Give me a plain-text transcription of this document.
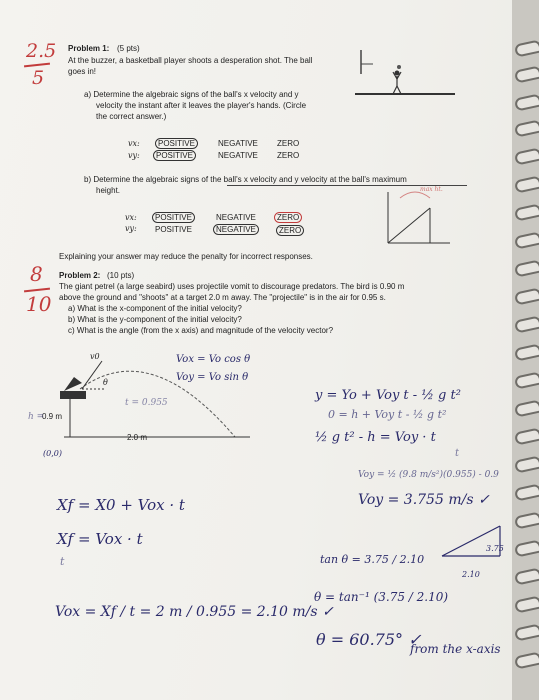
2.5
5
Problem 1: (5 pts)
At the buzzer, a basketball player shoots a desperation shot. The ball
goes in!
a) Determine the algebraic signs of the ball's x velocity and y
velocity the instant after it leaves the player's hands. (Circle
the correct answer.)
vx:
vy:
POSITIVE
POSITIVE
NEGATIVE
NEGATIVE
ZERO
ZERO
b) Determine the algebraic signs of the ball's x velocity and y velocity at the ball's maximum
height.	max ht.
vx:
vy:
POSITIVE
POSITIVE
NEGATIVE
NEGATIVE
ZERO
ZERO
Explaining your answer may reduce the penalty for incorrect responses.
8
10
Problem 2: (10 pts)
The giant petrel (a large seabird) uses projectile vomit to discourage predators. The bird is 0.90 m
above the ground and "shoots" at a target 2.0 m away. The "projectile" is in the air for 0.95 s.
a) What is the x-component of the initial velocity?
b) What is the y-component of the initial velocity?
c) What is the angle (from the x axis) and magnitude of the velocity vector?
v0
θ
0.9 m
2.0 m
Vox = Vo cos θ
Voy = Vo sin θ
t = 0.955
h =
(0,0)
y = Yo + Voy t - ½ g t²
0 = h + Voy t - ½ g t²
½ g t² - h = Voy · t
t
Voy = ½ (9.8 m/s²)(0.955) - 0.9
Voy = 3.755 m/s ✓
Xf = X0 + Vox · t
Xf = Vox · t
t
Vox = Xf / t = 2 m / 0.955 = 2.10 m/s ✓
tan θ = 3.75 / 2.10
3.75
2.10
θ = tan⁻¹ (3.75 / 2.10)
θ = 60.75° ✓
from the x-axis
